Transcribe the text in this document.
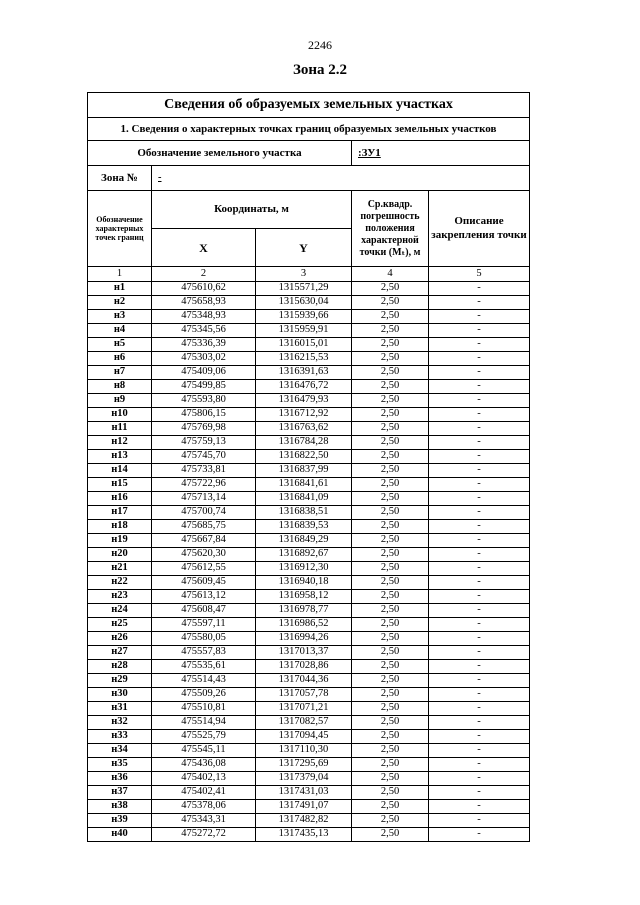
2246
Зона 2.2
Сведения об образуемых земельных участках				
1. Сведения о характерных точках границ образуемых земельных участков				
Обозначение земельного участка			:ЗУ1	
Зона №	-			
Обозначение характерных точек границ	Координаты, м		Ср.квадр. погрешность положения характерной точки (Mₜ), м	Описание закрепления точки
	X	Y		
1	2	3	4	5
н1	475610,62	1315571,29	2,50	-
н2	475658,93	1315630,04	2,50	-
н3	475348,93	1315939,66	2,50	-
н4	475345,56	1315959,91	2,50	-
н5	475336,39	1316015,01	2,50	-
н6	475303,02	1316215,53	2,50	-
н7	475409,06	1316391,63	2,50	-
н8	475499,85	1316476,72	2,50	-
н9	475593,80	1316479,93	2,50	-
н10	475806,15	1316712,92	2,50	-
н11	475769,98	1316763,62	2,50	-
н12	475759,13	1316784,28	2,50	-
н13	475745,70	1316822,50	2,50	-
н14	475733,81	1316837,99	2,50	-
н15	475722,96	1316841,61	2,50	-
н16	475713,14	1316841,09	2,50	-
н17	475700,74	1316838,51	2,50	-
н18	475685,75	1316839,53	2,50	-
н19	475667,84	1316849,29	2,50	-
н20	475620,30	1316892,67	2,50	-
н21	475612,55	1316912,30	2,50	-
н22	475609,45	1316940,18	2,50	-
н23	475613,12	1316958,12	2,50	-
н24	475608,47	1316978,77	2,50	-
н25	475597,11	1316986,52	2,50	-
н26	475580,05	1316994,26	2,50	-
н27	475557,83	1317013,37	2,50	-
н28	475535,61	1317028,86	2,50	-
н29	475514,43	1317044,36	2,50	-
н30	475509,26	1317057,78	2,50	-
н31	475510,81	1317071,21	2,50	-
н32	475514,94	1317082,57	2,50	-
н33	475525,79	1317094,45	2,50	-
н34	475545,11	1317110,30	2,50	-
н35	475436,08	1317295,69	2,50	-
н36	475402,13	1317379,04	2,50	-
н37	475402,41	1317431,03	2,50	-
н38	475378,06	1317491,07	2,50	-
н39	475343,31	1317482,82	2,50	-
н40	475272,72	1317435,13	2,50	-
